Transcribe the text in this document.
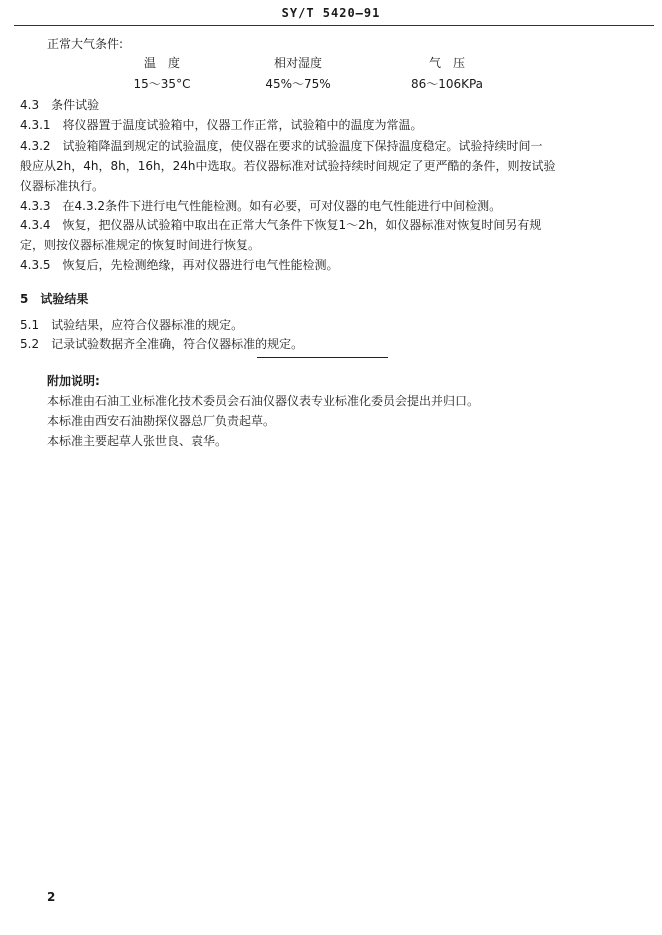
SY/T 5420—91
正常大气条件:
温　度	相对湿度	气　压
15～35°C	45%～75%	86～106KPa
4.3　条件试验
4.3.1　将仪器置于温度试验箱中，仪器工作正常，试验箱中的温度为常温。
4.3.2　试验箱降温到规定的试验温度，使仪器在要求的试验温度下保持温度稳定。试验持续时间一
般应从2h，4h，8h，16h，24h中选取。若仪器标准对试验持续时间规定了更严酷的条件，则按试验
仪器标准执行。
4.3.3　在4.3.2条件下进行电气性能检测。如有必要，可对仪器的电气性能进行中间检测。
4.3.4　恢复，把仪器从试验箱中取出在正常大气条件下恢复1～2h，如仪器标准对恢复时间另有规
定，则按仪器标准规定的恢复时间进行恢复。
4.3.5　恢复后，先检测绝缘，再对仪器进行电气性能检测。
5　试验结果
5.1　试验结果，应符合仪器标准的规定。
5.2　记录试验数据齐全准确，符合仪器标准的规定。
附加说明:
本标准由石油工业标准化技术委员会石油仪器仪表专业标准化委员会提出并归口。
本标准由西安石油勘探仪器总厂负责起草。
本标准主要起草人张世良、袁华。
2
